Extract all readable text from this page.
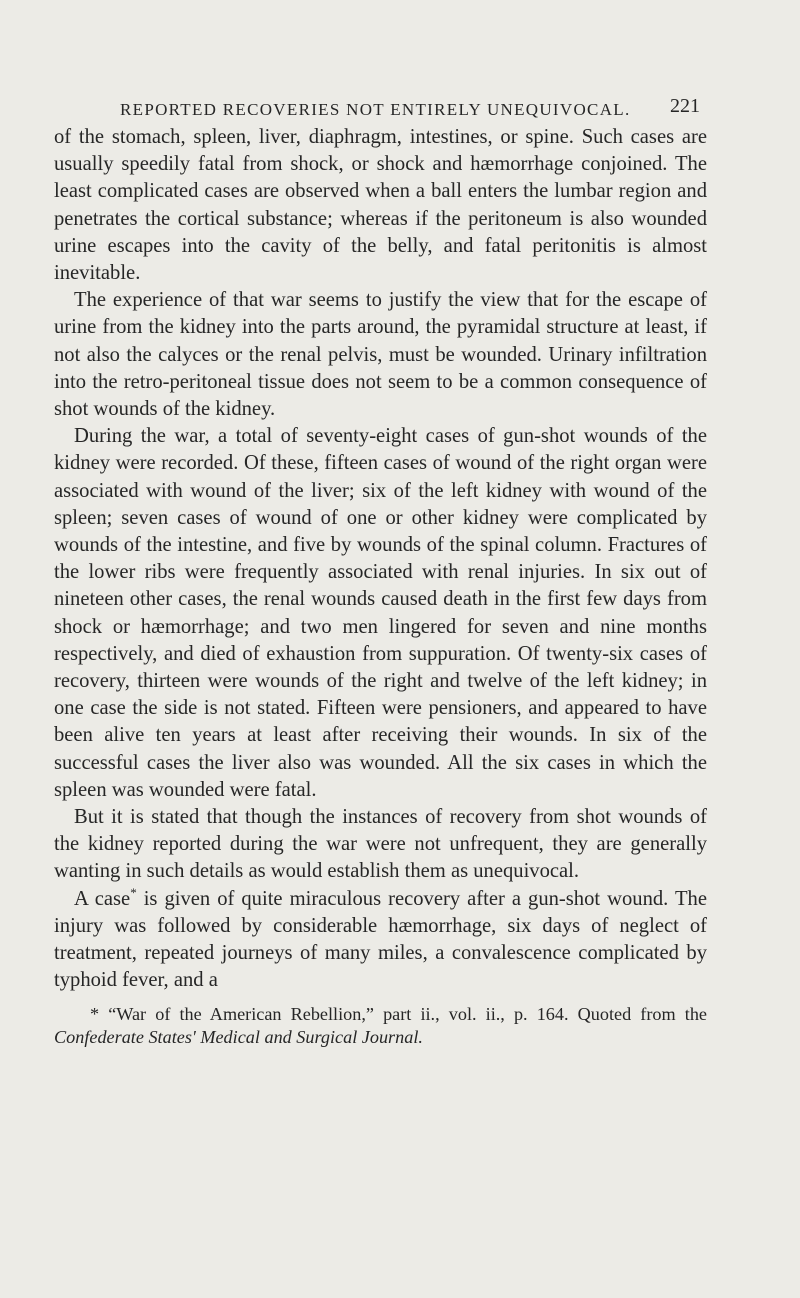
REPORTED RECOVERIES NOT ENTIRELY UNEQUIVOCAL. 221

of the stomach, spleen, liver, diaphragm, intestines, or spine. Such cases are usually speedily fatal from shock, or shock and hæmorrhage conjoined. The least complicated cases are observed when a ball enters the lumbar region and penetrates the cortical substance; whereas if the peritoneum is also wounded urine escapes into the cavity of the belly, and fatal peritonitis is almost inevitable.

The experience of that war seems to justify the view that for the escape of urine from the kidney into the parts around, the pyramidal structure at least, if not also the calyces or the renal pelvis, must be wounded. Urinary infiltration into the retro-peritoneal tissue does not seem to be a common consequence of shot wounds of the kidney.

During the war, a total of seventy-eight cases of gun-shot wounds of the kidney were recorded. Of these, fifteen cases of wound of the right organ were associated with wound of the liver; six of the left kidney with wound of the spleen; seven cases of wound of one or other kidney were complicated by wounds of the intestine, and five by wounds of the spinal column. Fractures of the lower ribs were frequently associated with renal injuries. In six out of nineteen other cases, the renal wounds caused death in the first few days from shock or hæmorrhage; and two men lingered for seven and nine months respectively, and died of exhaustion from suppuration. Of twenty-six cases of recovery, thirteen were wounds of the right and twelve of the left kidney; in one case the side is not stated. Fifteen were pensioners, and appeared to have been alive ten years at least after receiving their wounds. In six of the successful cases the liver also was wounded. All the six cases in which the spleen was wounded were fatal.

But it is stated that though the instances of recovery from shot wounds of the kidney reported during the war were not unfrequent, they are generally wanting in such details as would establish them as unequivocal.

A case* is given of quite miraculous recovery after a gun-shot wound. The injury was followed by considerable hæmorrhage, six days of neglect of treatment, repeated journeys of many miles, a convalescence complicated by typhoid fever, and a

* “War of the American Rebellion,” part ii., vol. ii., p. 164. Quoted from the Confederate States' Medical and Surgical Journal.
